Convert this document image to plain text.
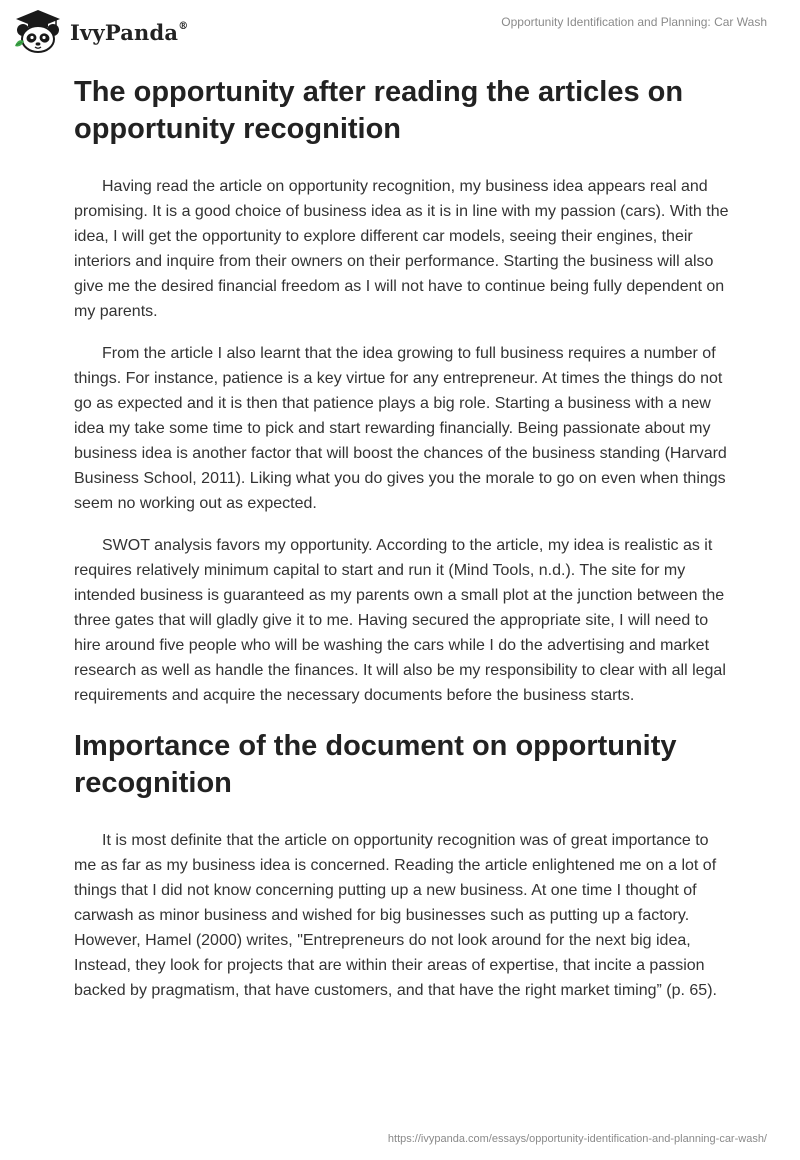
IvyPanda®	Opportunity Identification and Planning: Car Wash
The opportunity after reading the articles on opportunity recognition

Having read the article on opportunity recognition, my business idea appears real and promising. It is a good choice of business idea as it is in line with my passion (cars). With the idea, I will get the opportunity to explore different car models, seeing their engines, their interiors and inquire from their owners on their performance. Starting the business will also give me the desired financial freedom as I will not have to continue being fully dependent on my parents.

From the article I also learnt that the idea growing to full business requires a number of things. For instance, patience is a key virtue for any entrepreneur. At times the things do not go as expected and it is then that patience plays a big role. Starting a business with a new idea my take some time to pick and start rewarding financially. Being passionate about my business idea is another factor that will boost the chances of the business standing (Harvard Business School, 2011). Liking what you do gives you the morale to go on even when things seem no working out as expected.

SWOT analysis favors my opportunity. According to the article, my idea is realistic as it requires relatively minimum capital to start and run it (Mind Tools, n.d.). The site for my intended business is guaranteed as my parents own a small plot at the junction between the three gates that will gladly give it to me. Having secured the appropriate site, I will need to hire around five people who will be washing the cars while I do the advertising and market research as well as handle the finances. It will also be my responsibility to clear with all legal requirements and acquire the necessary documents before the business starts.

Importance of the document on opportunity recognition

It is most definite that the article on opportunity recognition was of great importance to me as far as my business idea is concerned. Reading the article enlightened me on a lot of things that I did not know concerning putting up a new business. At one time I thought of carwash as minor business and wished for big businesses such as putting up a factory. However, Hamel (2000) writes, "Entrepreneurs do not look around for the next big idea, Instead, they look for projects that are within their areas of expertise, that incite a passion backed by pragmatism, that have customers, and that have the right market timing” (p. 65).

https://ivypanda.com/essays/opportunity-identification-and-planning-car-wash/
